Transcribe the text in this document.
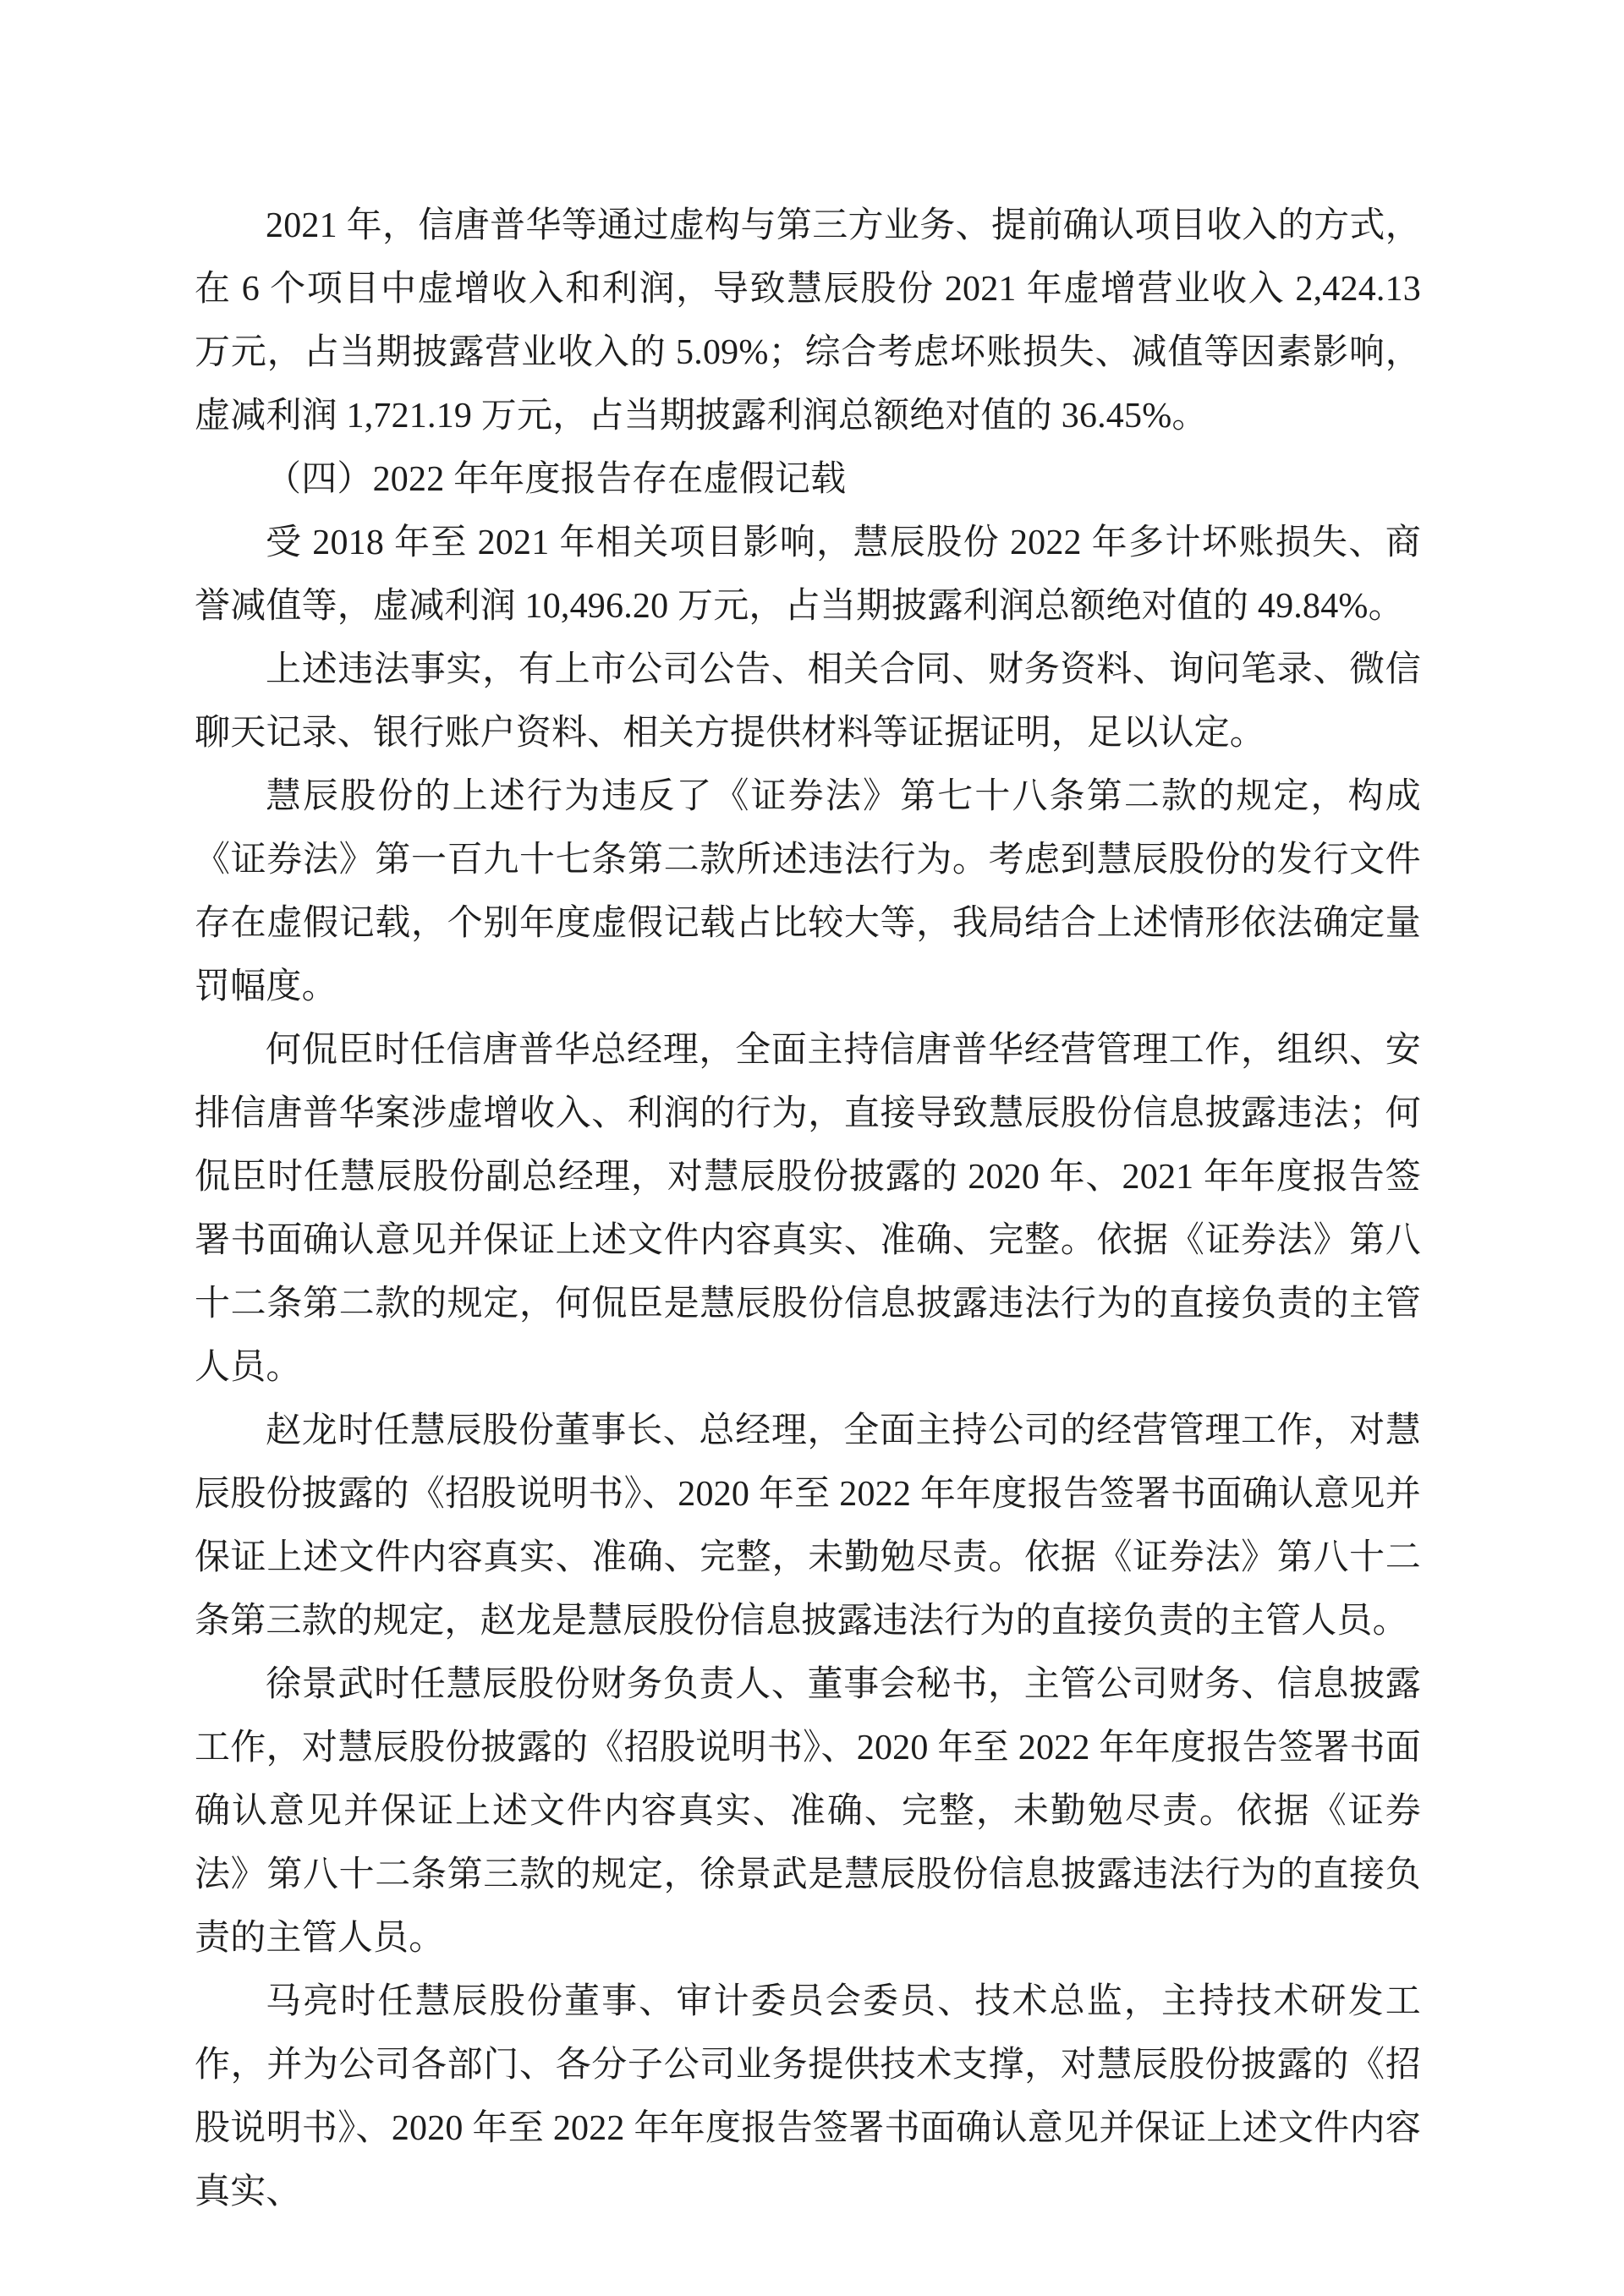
2021 年，信唐普华等通过虚构与第三方业务、提前确认项目收入的方式，在 6 个项目中虚增收入和利润，导致慧辰股份 2021 年虚增营业收入 2,424.13 万元，占当期披露营业收入的 5.09%；综合考虑坏账损失、减值等因素影响，虚减利润 1,721.19 万元，占当期披露利润总额绝对值的 36.45%。

（四）2022 年年度报告存在虚假记载

受 2018 年至 2021 年相关项目影响，慧辰股份 2022 年多计坏账损失、商誉减值等，虚减利润 10,496.20 万元，占当期披露利润总额绝对值的 49.84%。

上述违法事实，有上市公司公告、相关合同、财务资料、询问笔录、微信聊天记录、银行账户资料、相关方提供材料等证据证明，足以认定。

慧辰股份的上述行为违反了《证券法》第七十八条第二款的规定，构成《证券法》第一百九十七条第二款所述违法行为。考虑到慧辰股份的发行文件存在虚假记载，个别年度虚假记载占比较大等，我局结合上述情形依法确定量罚幅度。

何侃臣时任信唐普华总经理，全面主持信唐普华经营管理工作，组织、安排信唐普华案涉虚增收入、利润的行为，直接导致慧辰股份信息披露违法；何侃臣时任慧辰股份副总经理，对慧辰股份披露的 2020 年、2021 年年度报告签署书面确认意见并保证上述文件内容真实、准确、完整。依据《证券法》第八十二条第二款的规定，何侃臣是慧辰股份信息披露违法行为的直接负责的主管人员。

赵龙时任慧辰股份董事长、总经理，全面主持公司的经营管理工作，对慧辰股份披露的《招股说明书》、2020 年至 2022 年年度报告签署书面确认意见并保证上述文件内容真实、准确、完整，未勤勉尽责。依据《证券法》第八十二条第三款的规定，赵龙是慧辰股份信息披露违法行为的直接负责的主管人员。

徐景武时任慧辰股份财务负责人、董事会秘书，主管公司财务、信息披露工作，对慧辰股份披露的《招股说明书》、2020 年至 2022 年年度报告签署书面确认意见并保证上述文件内容真实、准确、完整，未勤勉尽责。依据《证券法》第八十二条第三款的规定，徐景武是慧辰股份信息披露违法行为的直接负责的主管人员。

马亮时任慧辰股份董事、审计委员会委员、技术总监，主持技术研发工作，并为公司各部门、各分子公司业务提供技术支撑，对慧辰股份披露的《招股说明书》、2020 年至 2022 年年度报告签署书面确认意见并保证上述文件内容真实、
